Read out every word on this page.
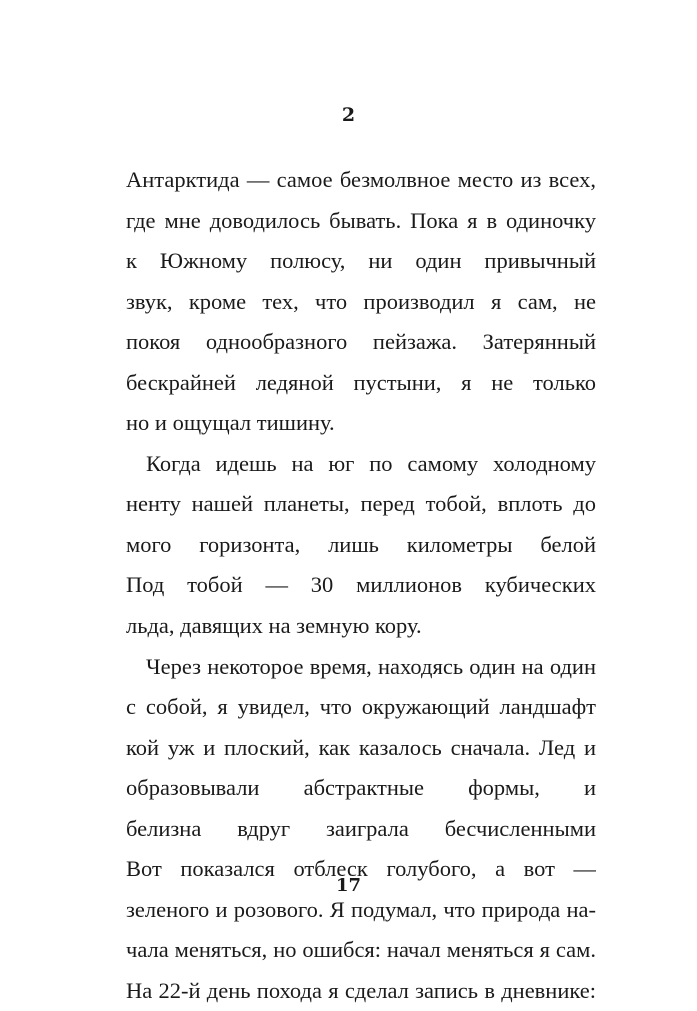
2
Антарктида — самое безмолвное место из всех,
где мне доводилось бывать. Пока я в одиночку
к Южному полюсу, ни один привычный
звук, кроме тех, что производил я сам, не
покоя однообразного пейзажа. Затерянный
бескрайней ледяной пустыни, я не только
но и ощущал тишину.
Когда идешь на юг по самому холодному
ненту нашей планеты, перед тобой, вплоть до
мого горизонта, лишь километры белой
Под тобой — 30 миллионов кубических
льда, давящих на земную кору.
Через некоторое время, находясь один на один
с собой, я увидел, что окружающий ландшафт
кой уж и плоский, как казалось сначала. Лед и
образовывали абстрактные формы, и
белизна вдруг заиграла бесчисленными
Вот показался отблеск голубого, а вот —
зеленого и розового. Я подумал, что природа на-
чала меняться, но ошибся: начал меняться я сам.
На 22-й день похода я сделал запись в дневнике:
17
